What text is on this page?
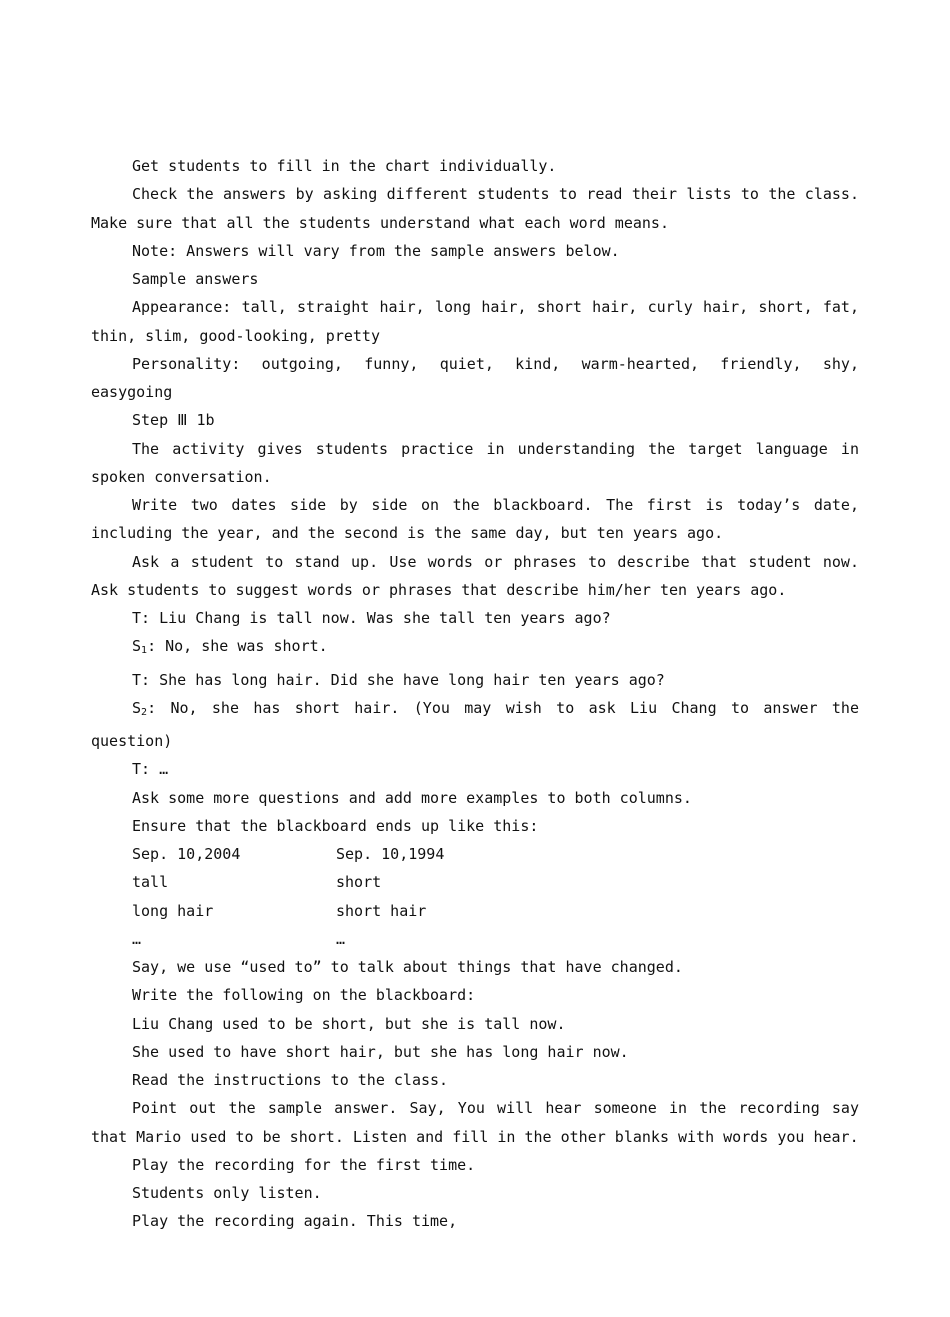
Get students to fill in the chart individually.

Check the answers by asking different students to read their lists to the class. Make sure that all the students understand what each word means.

Note: Answers will vary from the sample answers below.

Sample answers

Appearance: tall, straight hair, long hair, short hair, curly hair, short, fat, thin, slim, good-looking, pretty

Personality: outgoing, funny, quiet, kind, warm-hearted, friendly, shy, easygoing

Step Ⅲ 1b

The activity gives students practice in understanding the target language in spoken conversation.

Write two dates side by side on the blackboard. The first is today’s date, including the year, and the second is the same day, but ten years ago.

Ask a student to stand up. Use words or phrases to describe that student now. Ask students to suggest words or phrases that describe him/her ten years ago.

T: Liu Chang is tall now. Was she tall ten years ago?

$S_1$: No, she was short.

T: She has long hair. Did she have long hair ten years ago?

$S_2$: No, she has short hair. (You may wish to ask Liu Chang to answer the question)

T: …

Ask some more questions and add more examples to both columns.

Ensure that the blackboard ends up like this:

Sep. 10,2004	Sep. 10,1994
tall	short
long hair	short hair
…	…

Say, we use “used to” to talk about things that have changed.

Write the following on the blackboard:

Liu Chang used to be short, but she is tall now.

She used to have short hair, but she has long hair now.

Read the instructions to the class.

Point out the sample answer. Say, You will hear someone in the recording say that Mario used to be short. Listen and fill in the other blanks with words you hear.

Play the recording for the first time.

Students only listen.

Play the recording again. This time,
